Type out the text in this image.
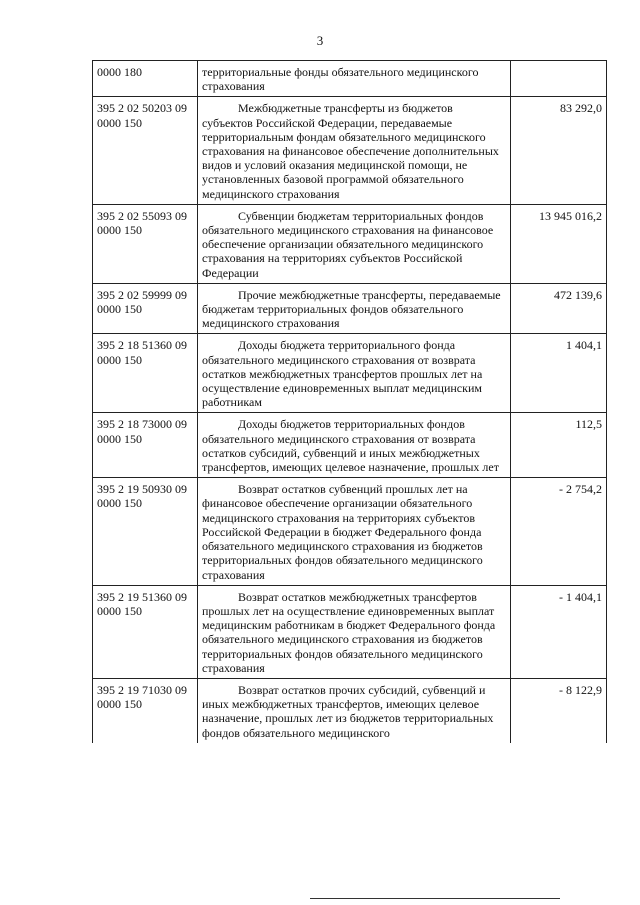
3
0000 180	территориальные фонды обязательного медицинского страхования	

395 2 02 50203 09 0000 150	Межбюджетные трансферты из бюджетов субъектов Российской Федерации, передаваемые территориальным фондам обязательного медицинского страхования на финансовое обеспечение дополнительных видов и условий оказания медицинской помощи, не установленных базовой программой обязательного медицинского страхования	83 292,0
395 2 02 55093 09 0000 150	Субвенции бюджетам территориальных фондов обязательного медицинского страхования на финансовое обеспечение организации обязательного медицинского страхования на территориях субъектов Российской Федерации	13 945 016,2
395 2 02 59999 09 0000 150	Прочие межбюджетные трансферты, передаваемые бюджетам территориальных фондов обязательного медицинского страхования	472 139,6
395 2 18 51360 09 0000 150	Доходы бюджета территориального фонда обязательного медицинского страхования от возврата остатков межбюджетных трансфертов прошлых лет на осуществление единовременных выплат медицинским работникам	1 404,1
395 2 18 73000 09 0000 150	Доходы бюджетов территориальных фондов обязательного медицинского страхования от возврата остатков субсидий, субвенций и иных межбюджетных трансфертов, имеющих целевое назначение, прошлых лет	112,5
395 2 19 50930 09 0000 150	Возврат остатков субвенций прошлых лет на финансовое обеспечение организации обязательного медицинского страхования на территориях субъектов Российской Федерации в бюджет Федерального фонда обязательного медицинского страхования из бюджетов территориальных фондов обязательного медицинского страхования	- 2 754,2
395 2 19 51360 09 0000 150	Возврат остатков межбюджетных трансфертов прошлых лет на осуществление единовременных выплат медицинским работникам в бюджет Федерального фонда обязательного медицинского страхования из бюджетов территориальных фондов обязательного медицинского страхования	- 1 404,1
395 2 19 71030 09 0000 150	Возврат остатков прочих субсидий, субвенций и иных межбюджетных трансфертов, имеющих целевое назначение, прошлых лет из бюджетов территориальных фондов обязательного медицинского	- 8 122,9
